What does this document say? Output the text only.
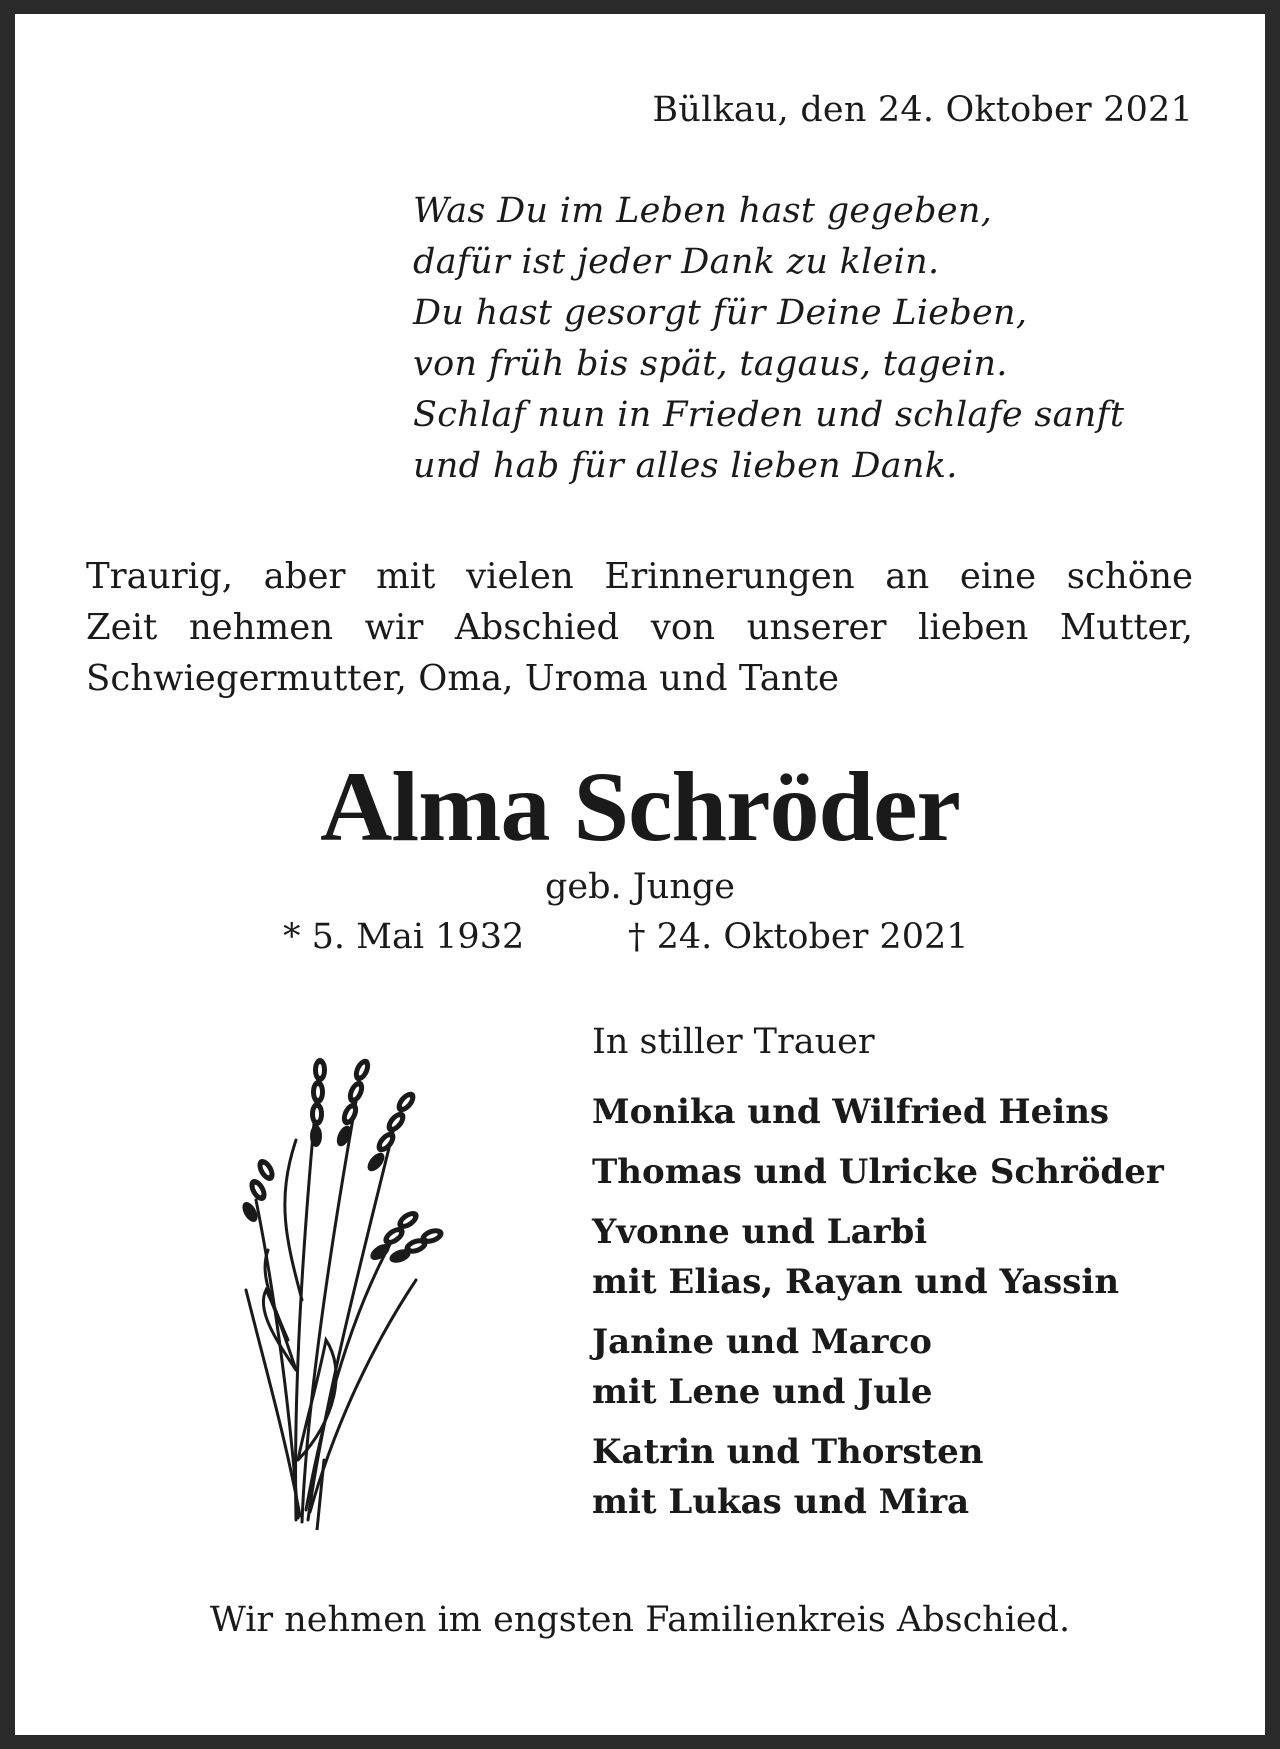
Bülkau, den 24. Oktober 2021
Was Du im Leben hast gegeben,
dafür ist jeder Dank zu klein.
Du hast gesorgt für Deine Lieben,
von früh bis spät, tagaus, tagein.
Schlaf nun in Frieden und schlafe sanft
und hab für alles lieben Dank.
Traurig, aber mit vielen Erinnerungen an eine schöne
Zeit nehmen wir Abschied von unserer lieben Mutter,
Schwiegermutter, Oma, Uroma und Tante
Alma Schröder
geb. Junge
* 5. Mai 1932	† 24. Oktober 2021
In stiller Trauer
Monika und Wilfried Heins
Thomas und Ulricke Schröder
Yvonne und Larbi
mit Elias, Rayan und Yassin
Janine und Marco
mit Lene und Jule
Katrin und Thorsten
mit Lukas und Mira
Wir nehmen im engsten Familienkreis Abschied.
